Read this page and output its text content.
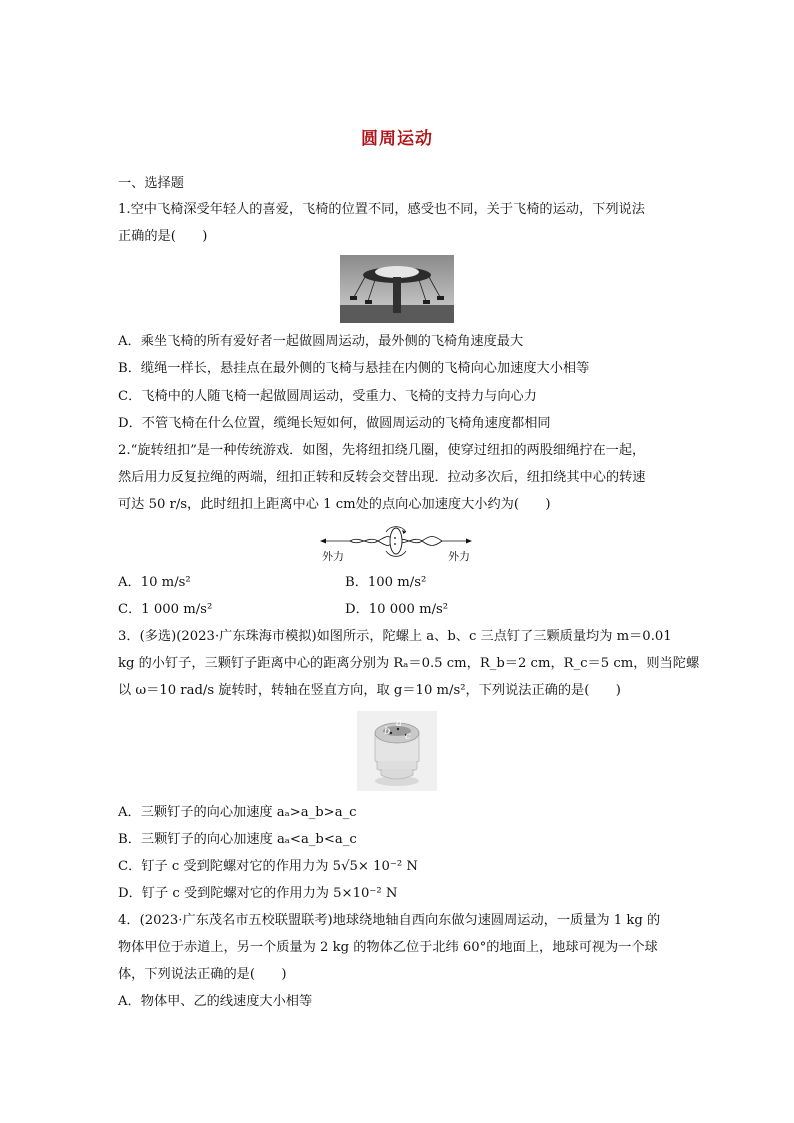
圆周运动
一、选择题
1.空中飞椅深受年轻人的喜爱，飞椅的位置不同，感受也不同，关于飞椅的运动，下列说法
正确的是(　　)
A．乘坐飞椅的所有爱好者一起做圆周运动，最外侧的飞椅角速度最大
B．缆绳一样长，悬挂点在最外侧的飞椅与悬挂在内侧的飞椅向心加速度大小相等
C．飞椅中的人随飞椅一起做圆周运动，受重力、飞椅的支持力与向心力
D．不管飞椅在什么位置，缆绳长短如何，做圆周运动的飞椅角速度都相同
2.“旋转纽扣”是一种传统游戏．如图，先将纽扣绕几圈，使穿过纽扣的两股细绳拧在一起，
然后用力反复拉绳的两端，纽扣正转和反转会交替出现．拉动多次后，纽扣绕其中心的转速
可达 50 r/s，此时纽扣上距离中心 1 cm处的点向心加速度大小约为(　　)
外力	外力
A．10 m/s²	B．100 m/s²
C．1 000 m/s²	D．10 000 m/s²
3．(多选)(2023·广东珠海市模拟)如图所示，陀螺上 a、b、c 三点钉了三颗质量均为 m＝0.01
kg 的小钉子，三颗钉子距离中心的距离分别为 Rₐ＝0.5 cm，R_b＝2 cm，R_c＝5 cm，则当陀螺
以 ω＝10 rad/s 旋转时，转轴在竖直方向，取 g＝10 m/s²，下列说法正确的是(　　)
a
b c
A．三颗钉子的向心加速度 aₐ>a_b>a_c
B．三颗钉子的向心加速度 aₐ<a_b<a_c
C．钉子 c 受到陀螺对它的作用力为 5√5× 10⁻² N
D．钉子 c 受到陀螺对它的作用力为 5×10⁻² N
4．(2023·广东茂名市五校联盟联考)地球绕地轴自西向东做匀速圆周运动，一质量为 1 kg 的
物体甲位于赤道上，另一个质量为 2 kg 的物体乙位于北纬 60°的地面上，地球可视为一个球
体，下列说法正确的是(　　)
A．物体甲、乙的线速度大小相等
